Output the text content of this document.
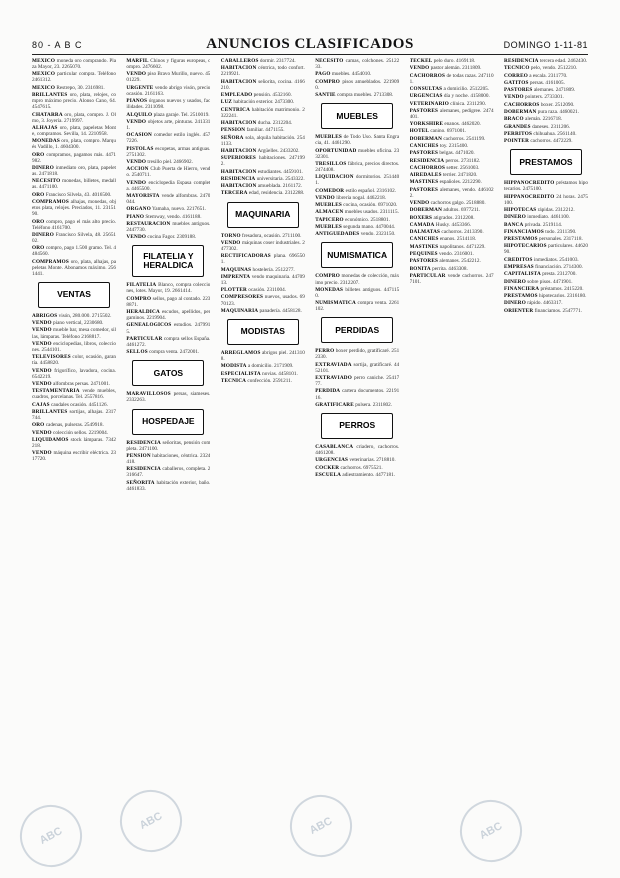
80 - A B C	ANUNCIOS CLASIFICADOS	DOMINGO 1-11-81
MEXICO moneda oro comprando. Plaza Mayor, 23. 2265070.
MEXICO particular compra. Teléfono 2461312.
MEXICO Restrepo, 30. 2316981.
BRILLANTES oro, plata, relojes, compro máximo precio. Alonso Cano, 64. 4547615.
CHATARRA oro, plata, compro. J. Olmo, 3. Joyería. 2719997.
ALHAJAS oro, plata, papeletas Monte, compramos. Sevilla, 14. 2210958.
MONEDAS oro, plata, compro. Marqués Vadillo, 1. 4604300.
ORO compramos, pagamos más. 4471982.
DINERO inmediato oro, plata, papeletas. 2471818.
NECESITO monedas, billetes, medallas. 4471100.
ORO Francisco Silvela, 43. 4016500.
COMPRAMOS alhajas, monedas, objetos plata, relojes. Preciados, 11. 2315190.
ORO compro, pago el más alto precio. Teléfono 4161700.
DINERO Francisco Silvela, 48. 2565102.
ORO compro, pago 1.500 gramo. Tel. 4484560.
COMPRAMOS oro, plata, alhajas, papeletas Monte. Abonamos máximo. 2561441.
VENTAS
ABRIGOS visón, 280.000. 2715502.
VENDO piano vertical, 2230680.
VENDO mueble bar, mesa comedor, sillas, lámparas. Teléfono 2168817.
VENDO enciclopedias, libros, colecciones. 2544101.
TELEVISORES color, ocasión, garantía. 4458820.
VENDO frigorífico, lavadora, cocina. 6542219.
VENDO alfombras persas. 2471001.
TESTAMENTARIA vende muebles, cuadros, porcelanas. Tel. 2557816.
CAJAS caudales ocasión. 4451126.
BRILLANTES sortijas, alhajas. 2317744.
ORO cadenas, pulseras. 2549918.
VENDO colección sellos. 2219004.
LIQUIDAMOS stock lámparas. 7342218.
VENDO máquina escribir eléctrica. 2317720.
MARFIL Chinos y figuras europeas, compro. 2476602.
VENDO piso Bravo Murillo, nuevo. 4501229.
URGENTE vendo abrigo visón, precio ocasión. 2161163.
PIANOS órganos nuevos y usados, facilidades. 2311098.
ALQUILO plaza garaje. Tel. 2510019.
VENDO objetos arte, pinturas. 2413311.
OCASION comedor estilo inglés. 4577226.
PISTOLAS escopetas, armas antiguas. 2751302.
VENDO tresillo piel. 2466902.
ACCION Club Puerta de Hierro, vendo. 2540711.
VENDO enciclopedia Espasa completa. 4465500.
MAYORISTA vende alfombras. 2470044.
ORGANO Yamaha, nuevo. 2217651.
PIANO Stemway, vendo. 4161188.
RESTAURACION muebles antiguos. 2447730.
VENDO cocina Fagor. 2309188.
FILATELIA Y HERALDICA
FILATELIA Blanco, compra colecciones, lotes. Mayor, 19. 2661414.
COMPRO sellos, pago al contado. 2238871.
HERALDICA escudos, apellidos, pergaminos. 2219904.
GENEALOGICOS estudios. 2479915.
PARTICULAR compra sellos España. 4461272.
SELLOS compra venta. 2472001.
GATOS
MARAVILLOSOS persas, siameses. 2332263.
HOSPEDAJE
RESIDENCIA señoritas, pensión completa. 2471100.
PENSION habitaciones, céntrica. 2324418.
RESIDENCIA caballeros, completa. 2316647.
SEÑORITA habitación exterior, baño. 4461833.
CABALLEROS dormir. 2317724.
HABITACION céntrica, todo confort. 2219921.
HABITACION señorita, cocina. 4166210.
EMPLEADO pensión. 4532160.
LUZ habitación exterior. 2473300.
CENTRICA habitación matrimonio. 2322241.
HABITACION ducha. 2312204.
PENSION familiar. 4471155.
SEÑORA sola, alquila habitación. 2541133.
HABITACION Argüelles. 2433202.
SUPERIORES habitaciones. 2471992.
HABITACION estudiantes. 4459101.
RESIDENCIA universitaria. 2543322.
HABITACION amueblada. 2161172.
TERCERA edad, residencia. 2312288.
MAQUINARIA
TORNO fresadora, ocasión. 2711100.
VENDO máquinas coser industriales. 2477302.
RECTIFICADORAS plana. 6965501.
MAQUINAS hostelería. 2512277.
IMPRENTA vendo maquinaria. 4470913.
PLOTTER ocasión. 2311004.
COMPRESORES nuevos, usados. 6970123.
MAQUINARIA panadería. 4458128.
MODISTAS
ARREGLAMOS abrigos piel. 2413108.
MODISTA a domicilio. 2171909.
ESPECIALISTA novias. 4458101.
TECNICA confección. 2591211.
NECESITO camas, colchones. 2512233.
PAGO muebles. 4454010.
COMPRO pisos amueblados. 2219090.
SANTIE compra muebles. 2713308.
MUEBLES
MUEBLES de Todo Uso. Santa Engracia, 41. 4461290.
OPORTUNIDAD muebles oficina. 2332301.
TRESILLOS fábrica, precios directos. 2474408.
LIQUIDACION dormitorios. 2514401.
COMEDOR estilo español. 2316102.
VENDO librería nogal. 4462218.
MUEBLES cocina, ocasión. 6971020.
ALMACEN muebles usados. 2311115.
TAPICERO económico. 2518801.
MUEBLES segunda mano. 4470044.
ANTIGUEDADES vendo. 2323150.
NUMISMATICA
COMPRO monedas de colección, máximo precio. 2312207.
MONEDAS billetes antiguos. 4471150.
NUMISMATICA compra venta. 2261102.
PERDIDAS
PERRO boxer perdido, gratificaré. 2512330.
EXTRAVIADA sortija, gratificaré. 4452101.
EXTRAVIADO perro caniche. 2541777.
PERDIDA cartera documentos. 2219116.
GRATIFICARE pulsera. 2311802.
PERROS
CASABLANCA criadero, cachorros. 4461208.
URGENCIAS veterinarias. 2718810.
COCKER cachorros. 6975521.
ESCUELA adiestramiento. 4477181.
TECKEL pelo duro. 4169118.
VENDO pastor alemán. 2311809.
CACHORROS de todas razas. 2471101.
CONSULTAS a domicilio. 2512205.
URGENCIAS día y noche. 4158000.
VETERINARIO clínica. 2311290.
PASTORES alemanes, pedigree. 2474401.
YORKSHIRE enanos. 4462020.
HOTEL canino. 6971001.
DOBERMAN cachorros. 2541199.
CANICHES toy. 2315400.
PASTORES belgas. 4471020.
RESIDENCIA perros. 2731182.
CACHORROS setter. 2561003.
AIREDALES terrier. 2471820.
MASTINES españoles. 2212290.
PASTORES alemanes, vendo. 4461022.
VENDO cachorros galgo. 2518880.
DOBERMAN adultos. 6977211.
BOXERS atigrados. 2312208.
CAMADA Husky. 4453366.
DALMATAS cachorros. 2413390.
CANICHES enanos. 2514118.
MASTINES napolitanos. 4471229.
PEQUINES vendo. 2316001.
PASTORES alemanes. 2542212.
BONITA perrita. 4463308.
PARTICULAR vende cachorros. 2477101.
RESIDENCIA tercera edad. 2462430.
TECNICO pelo, vendo. 2512210.
CORREO a escala. 2311770.
GATITOS persas. 4161005.
PASTORES alemanes. 2471809.
VENDO pointers. 2733301.
CACHORROS boxer. 2512090.
DOBERMAN pura raza. 4460021.
BRACO alemán. 2216718.
GRANDES daneses. 2311206.
PERRITOS chihuahua. 2561140.
POINTER cachorros. 4472229.
PRESTAMOS
HIPPANOCREDITO préstamos hipotecarios. 2475100.
HIPPANOCREDITO 24 horas. 2475100.
HIPOTECAS rápidas. 2312212.
DINERO inmediato. 4461100.
BANCA privada. 2519114.
FINANCIAMOS todo. 2311390.
PRESTAMOS personales. 2317118.
HIPOTECARIOS particulares. 4462090.
CREDITOS inmediatos. 2541003.
EMPRESAS financiación. 2714300.
CAPITALISTA presta. 2312700.
DINERO sobre pisos. 4471901.
FINANCIERA préstamos. 2415220.
PRESTAMOS hipotecarios. 2316180.
DINERO rápido. 4463317.
ORIENTER financiamos. 2547771.
ABC	ABC	ABC
ABC
